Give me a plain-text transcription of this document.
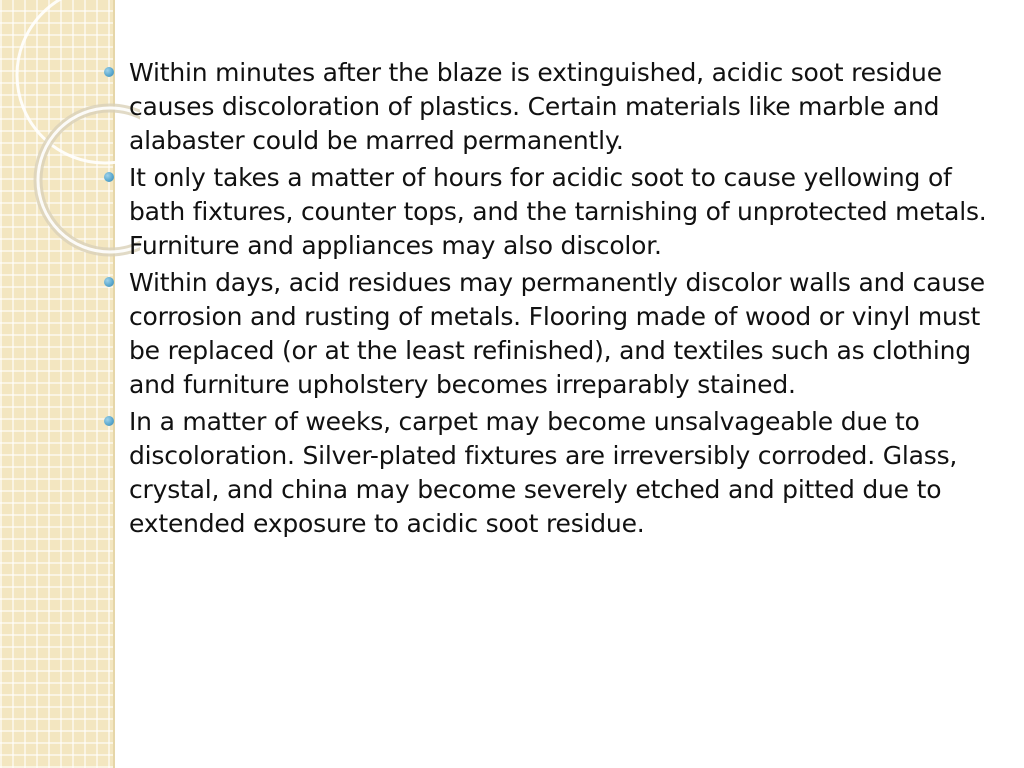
Within minutes after the blaze is extinguished, acidic soot residue causes discoloration of plastics. Certain materials like marble and alabaster could be marred permanently.
It only takes a matter of hours for acidic soot to cause yellowing of bath fixtures, counter tops, and the tarnishing of unprotected metals. Furniture and appliances may also discolor.
Within days, acid residues may permanently discolor walls and cause corrosion and rusting of metals. Flooring made of wood or vinyl must be replaced (or at the least refinished), and textiles such as clothing and furniture upholstery becomes irreparably stained.
In a matter of weeks, carpet may become unsalvageable due to discoloration. Silver-plated fixtures are irreversibly corroded. Glass, crystal, and china may become severely etched and pitted due to extended exposure to acidic soot residue.
